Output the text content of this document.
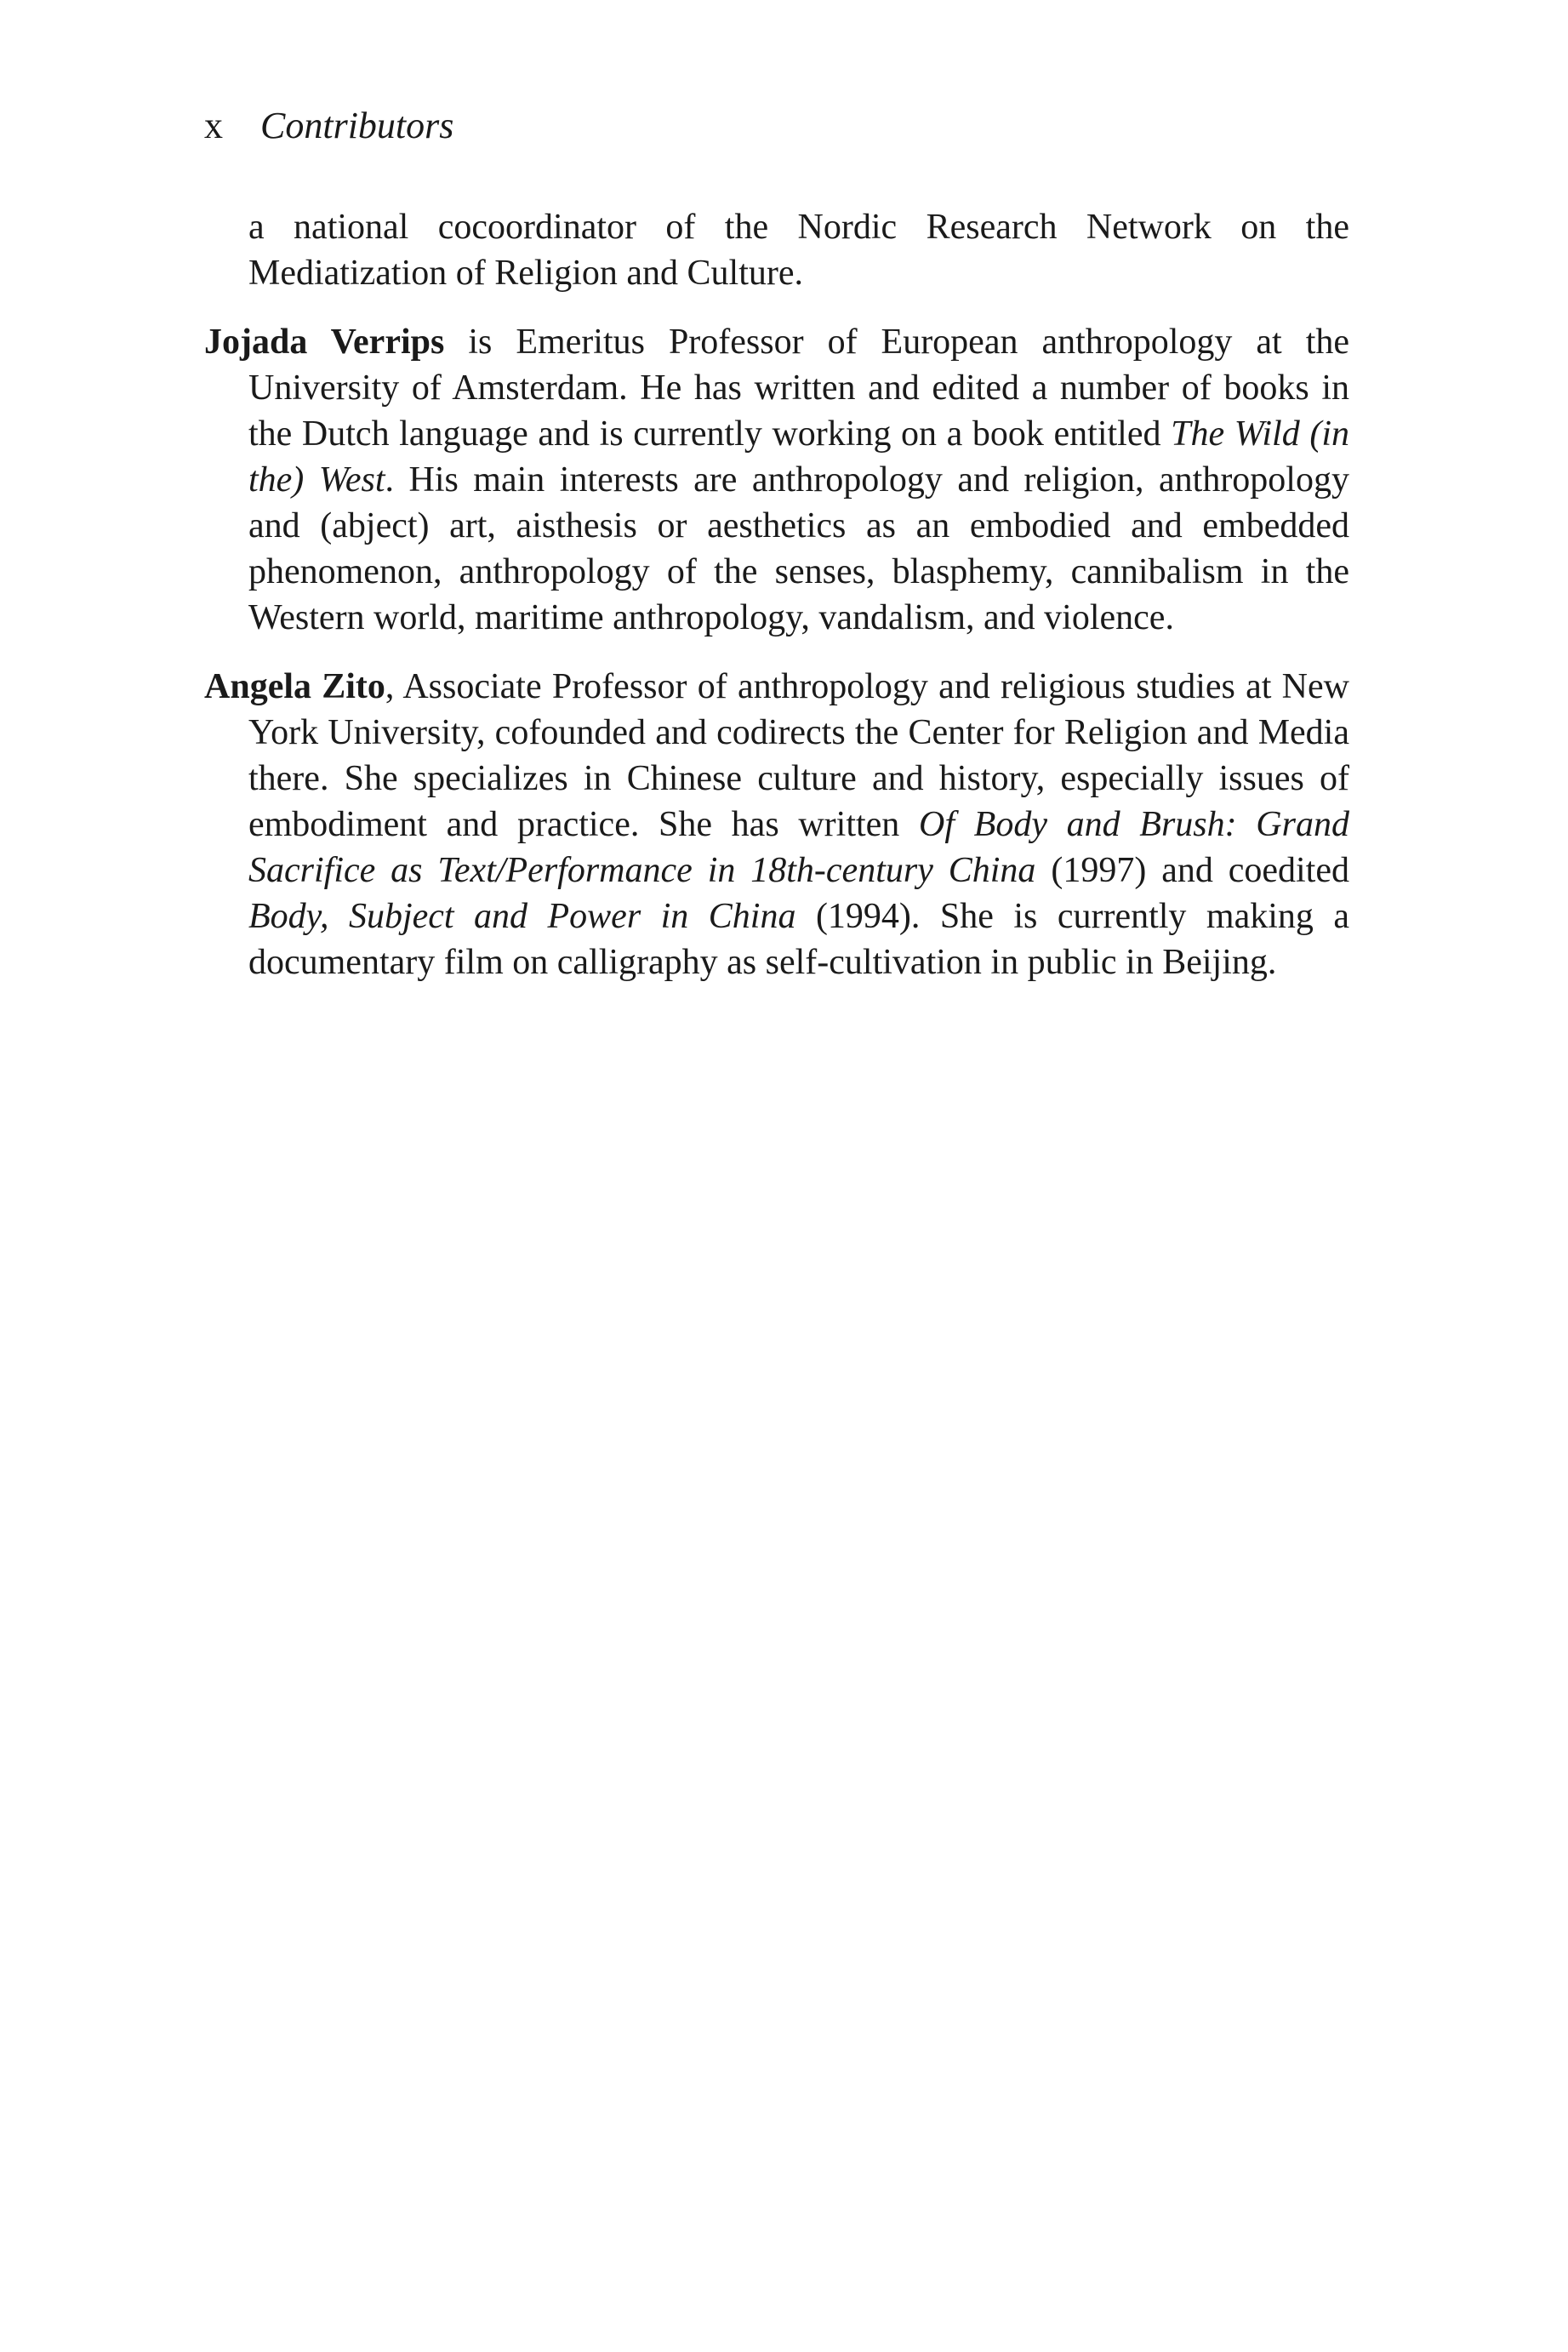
x Contributors

a national cocoordinator of the Nordic Research Network on the Mediatization of Religion and Culture.

Jojada Verrips is Emeritus Professor of European anthropology at the University of Amsterdam. He has written and edited a number of books in the Dutch language and is currently working on a book entitled The Wild (in the) West. His main interests are anthropology and religion, anthropology and (abject) art, aisthesis or aesthetics as an embodied and embedded phenomenon, anthropology of the senses, blasphemy, cannibalism in the Western world, maritime anthropology, vandalism, and violence.

Angela Zito, Associate Professor of anthropology and religious studies at New York University, cofounded and codirects the Center for Religion and Media there. She specializes in Chinese culture and history, especially issues of embodiment and practice. She has written Of Body and Brush: Grand Sacrifice as Text/Performance in 18th-century China (1997) and coedited Body, Subject and Power in China (1994). She is currently making a documentary film on calligraphy as self-cultivation in public in Beijing.
